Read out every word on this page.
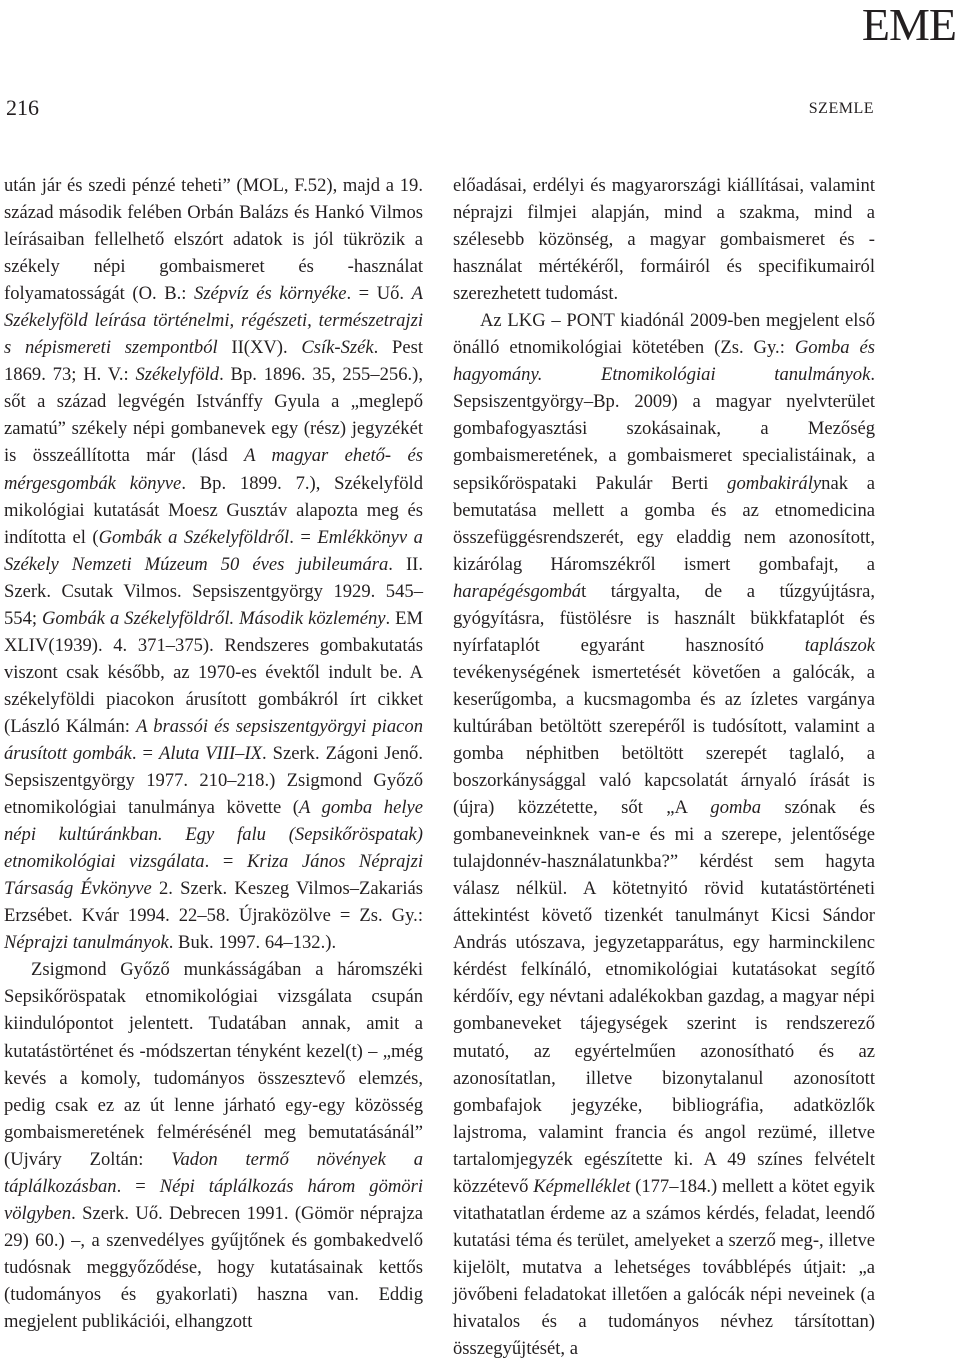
EME
216	SZEMLE

után jár és szedi pénzé teheti” (MOL, F.52), majd a 19. század második felében Orbán Balázs és Hankó Vilmos leírásaiban fellelhető elszórt adatok is jól tükrözik a székely népi gombaismeret és -használat folyamatosságát (O. B.: Szépvíz és környéke. = Uő. A Székelyföld leírása történelmi, régészeti, természetrajzi s népismereti szempontból II(XV). Csík-Szék. Pest 1869. 73; H. V.: Székelyföld. Bp. 1896. 35, 255–256.), sőt a század legvégén Istvánffy Gyula a „meglepő zamatú” székely népi gombanevek egy (rész) jegyzékét is összeállította már (lásd A magyar ehető- és mérgesgombák könyve. Bp. 1899. 7.), Székelyföld mikológiai kutatását Moesz Gusztáv alapozta meg és indította el (Gombák a Székelyföldről. = Emlékkönyv a Székely Nemzeti Múzeum 50 éves jubileumára. II. Szerk. Csutak Vilmos. Sepsiszentgyörgy 1929. 545–554; Gombák a Székelyföldről. Második közlemény. EM XLIV(1939). 4. 371–375). Rendszeres gombakutatás viszont csak később, az 1970-es évektől indult be. A székelyföldi piacokon árusított gombákról írt cikket (László Kálmán: A brassói és sepsiszentgyörgyi piacon árusított gombák. = Aluta VIII–IX. Szerk. Zágoni Jenő. Sepsiszentgyörgy 1977. 210–218.) Zsigmond Győző etnomikológiai tanulmánya követte (A gomba helye népi kultúránkban. Egy falu (Sepsikőröspatak) etnomikológiai vizsgálata. = Kriza János Néprajzi Társaság Évkönyve 2. Szerk. Keszeg Vilmos–Zakariás Erzsébet. Kvár 1994. 22–58. Újraközölve = Zs. Gy.: Néprajzi tanulmányok. Buk. 1997. 64–132.).

Zsigmond Győző munkásságában a háromszéki Sepsikőröspatak etnomikológiai vizsgálata csupán kiindulópontot jelentett. Tudatában annak, amit a kutatástörténet és -módszertan tényként kezel(t) – „még kevés a komoly, tudományos összesztevő elemzés, pedig csak ez az út lenne járható egy-egy közösség gombaismeretének felmérésénél meg bemutatásánál” (Ujváry Zoltán: Vadon termő növények a táplálkozásban. = Népi táplálkozás három gömöri völgyben. Szerk. Uő. Debrecen 1991. (Gömör néprajza 29) 60.) –, a szenvedélyes gyűjtőnek és gombakedvelő tudósnak meggyőződése, hogy kutatásainak kettős (tudományos és gyakorlati) haszna van. Eddig megjelent publikációi, elhangzott

előadásai, erdélyi és magyarországi kiállításai, valamint néprajzi filmjei alapján, mind a szakma, mind a szélesebb közönség, a magyar gombaismeret és -használat mértékéről, formáiról és specifikumairól szerezhetett tudomást.

Az LKG – PONT kiadónál 2009-ben megjelent első önálló etnomikológiai kötetében (Zs. Gy.: Gomba és hagyomány. Etnomikológiai tanulmányok. Sepsiszentgyörgy–Bp. 2009) a magyar nyelvterület gombafogyasztási szokásainak, a Mezőség gombaismeretének, a gombaismeret specialistáinak, a sepsikőröspataki Pakulár Berti gombakirálynak a bemutatása mellett a gomba és az etnomedicina összefüggésrendszerét, egy eladdig nem azonosított, kizárólag Háromszékről ismert gombafajt, a harapégésgombát tárgyalta, de a tűzgyújtásra, gyógyításra, füstölésre is használt bükkfataplót és nyírfataplót egyaránt hasznosító taplászok tevékenységének ismertetését követően a galócák, a keserűgomba, a kucsmagomba és az ízletes vargánya kultúrában betöltött szerepéről is tudósított, valamint a gomba néphitben betöltött szerepét taglaló, a boszorkánysággal való kapcsolatát árnyaló írását is (újra) közzétette, sőt „A gomba szónak és gombaneveinknek van-e és mi a szerepe, jelentősége tulajdonnév-használatunkba?” kérdést sem hagyta válasz nélkül. A kötetnyitó rövid kutatástörténeti áttekintést követő tizenkét tanulmányt Kicsi Sándor András utószava, jegyzetapparátus, egy harminckilenc kérdést felkínáló, etnomikológiai kutatásokat segítő kérdőív, egy névtani adalékokban gazdag, a magyar népi gombaneveket tájegységek szerint is rendszerező mutató, az egyértelműen azonosítható és az azonosítatlan, illetve bizonytalanul azonosított gombafajok jegyzéke, bibliográfia, adatközlők lajstroma, valamint francia és angol rezümé, illetve tartalomjegyzék egészítette ki. A 49 színes felvételt közzétevő Képmelléklet (177–184.) mellett a kötet egyik vitathatatlan érdeme az a számos kérdés, feladat, leendő kutatási téma és terület, amelyeket a szerző meg-, illetve kijelölt, mutatva a lehetséges továbblépés útjait: „a jövőbeni feladatokat illetően a galócák népi neveinek (a hivatalos és a tudományos névhez társítottan) összegyűjtését, a
